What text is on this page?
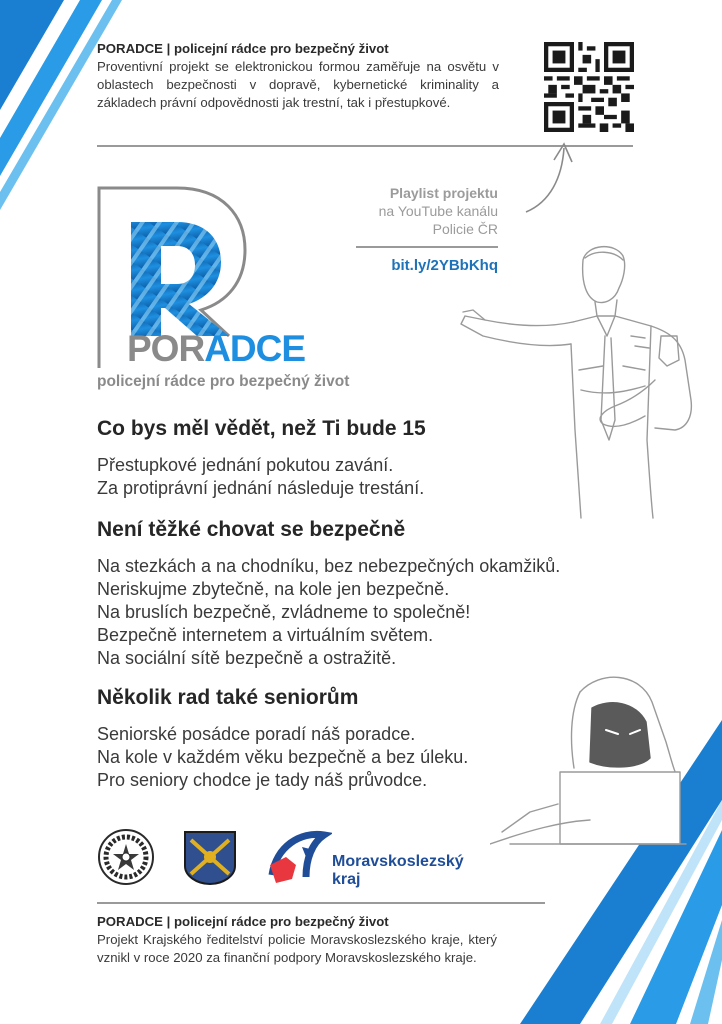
PORADCE | policejní rádce pro bezpečný život
Proventivní projekt se elektronickou formou zaměřuje na osvětu v oblastech bezpečnosti v dopravě, kybernetické kriminality a základech právní odpovědnosti jak trestní, tak i přestupkové.
Playlist projektu
na YouTube kanálu
Policie ČR
bit.ly/2YBbKhq
PORADCE
policejní rádce pro bezpečný život
Co bys měl vědět, než Ti bude 15
Přestupkové jednání pokutou zavání.
Za protiprávní jednání následuje trestání.
Není těžké chovat se bezpečně
Na stezkách a na chodníku, bez nebezpečných okamžiků.
Neriskujme zbytečně, na kole jen bezpečně.
Na bruslích bezpečně, zvládneme to společně!
Bezpečně internetem a virtuálním světem.
Na sociální sítě bezpečně a ostražitě.
Několik rad také seniorům
Seniorské posádce poradí náš poradce.
Na kole v každém věku bezpečně a bez úleku.
Pro seniory chodce je tady náš průvodce.
Moravskoslezský
kraj
PORADCE | policejní rádce pro bezpečný život
Projekt Krajského ředitelství policie Moravskoslezského kraje, který vznikl v roce 2020 za finanční podpory Moravskoslezského kraje.
